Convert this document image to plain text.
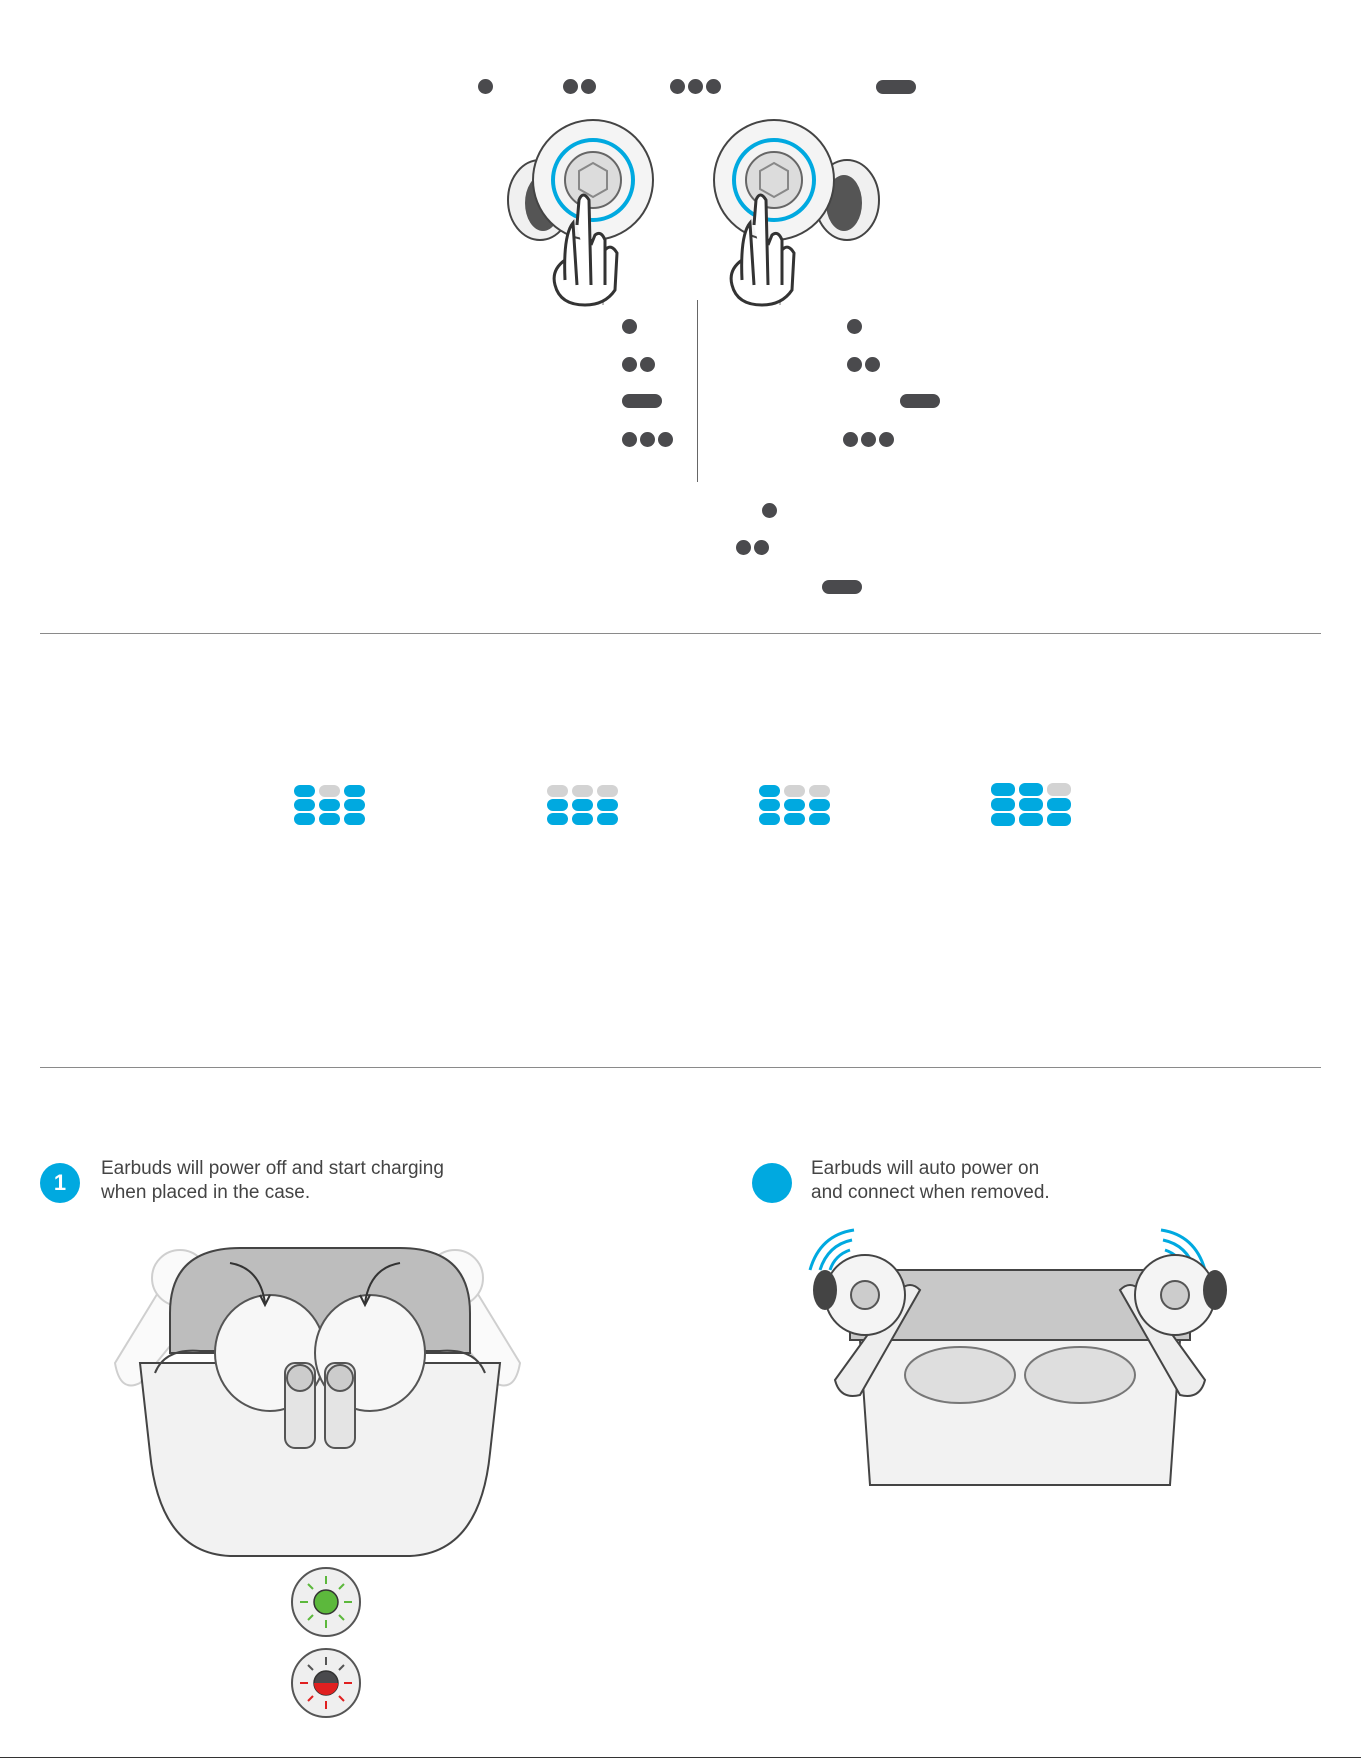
1
Earbuds will power off and start charging
when placed in the case.
Earbuds will auto power on
and connect when removed.
